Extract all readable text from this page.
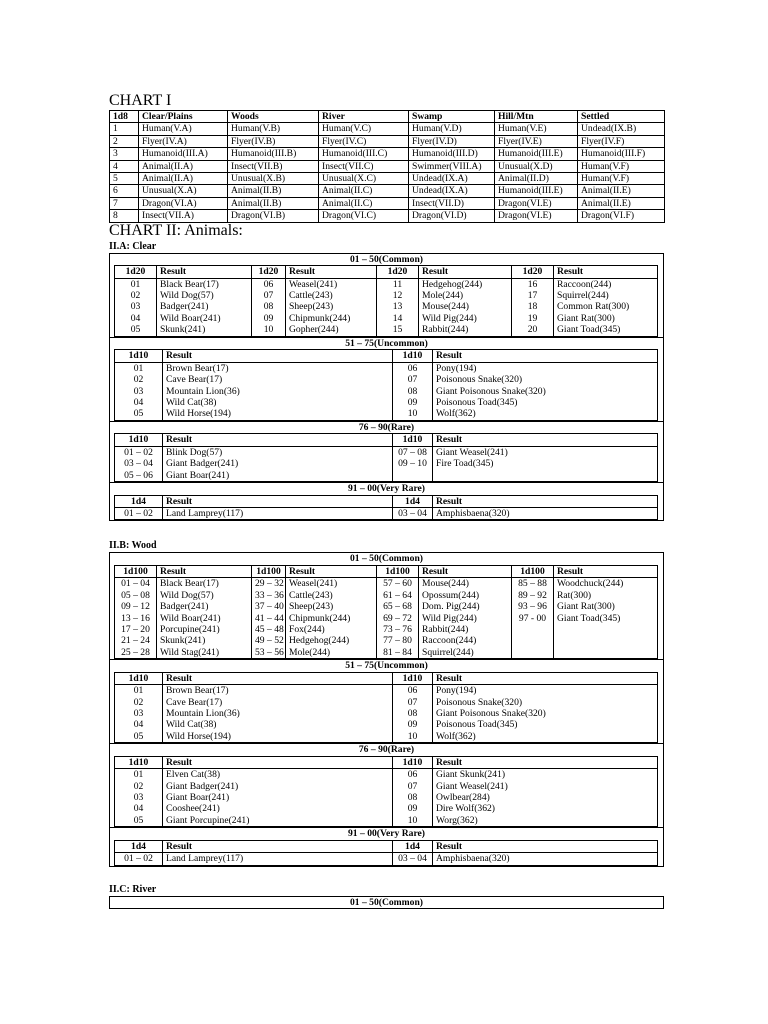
CHART I
1d8	Clear/Plains	Woods	River	Swamp	Hill/Mtn	Settled
1	Human(V.A)	Human(V.B)	Human(V.C)	Human(V.D)	Human(V.E)	Undead(IX.B)
2	Flyer(IV.A)	Flyer(IV.B)	Flyer(IV.C)	Flyer(IV.D)	Flyer(IV.E)	Flyer(IV.F)
3	Humanoid(III.A)	Humanoid(III.B)	Humanoid(III.C)	Humanoid(III.D)	Humanoid(III.E)	Humanoid(III.F)
4	Animal(II.A)	Insect(VII.B)	Insect(VII.C)	Swimmer(VIII.A)	Unusual(X.D)	Human(V.F)
5	Animal(II.A)	Unusual(X.B)	Unusual(X.C)	Undead(IX.A)	Animal(II.D)	Human(V.F)
6	Unusual(X.A)	Animal(II.B)	Animal(II.C)	Undead(IX.A)	Humanoid(III.E)	Animal(II.E)
7	Dragon(VI.A)	Animal(II.B)	Animal(II.C)	Insect(VII.D)	Dragon(VI.E)	Animal(II.E)
8	Insect(VII.A)	Dragon(VI.B)	Dragon(VI.C)	Dragon(VI.D)	Dragon(VI.E)	Dragon(VI.F)
CHART II: Animals:
II.A: Clear
01 – 50(Common)
1d20	Result	1d20	Result	1d20	Result	1d20	Result
01	Black Bear(17)	06	Weasel(241)	11	Hedgehog(244)	16	Raccoon(244)
02	Wild Dog(57)	07	Cattle(243)	12	Mole(244)	17	Squirrel(244)
03	Badger(241)	08	Sheep(243)	13	Mouse(244)	18	Common Rat(300)
04	Wild Boar(241)	09	Chipmunk(244)	14	Wild Pig(244)	19	Giant Rat(300)
05	Skunk(241)	10	Gopher(244)	15	Rabbit(244)	20	Giant Toad(345)
51 – 75(Uncommon)
1d10	Result	1d10	Result
01	Brown Bear(17)	06	Pony(194)
02	Cave Bear(17)	07	Poisonous Snake(320)
03	Mountain Lion(36)	08	Giant Poisonous Snake(320)
04	Wild Cat(38)	09	Poisonous Toad(345)
05	Wild Horse(194)	10	Wolf(362)
76 – 90(Rare)
1d10	Result	1d10	Result
01 – 02	Blink Dog(57)	07 – 08	Giant Weasel(241)
03 – 04	Giant Badger(241)	09 – 10	Fire Toad(345)
05 – 06	Giant Boar(241)		
91 – 00(Very Rare)
1d4	Result	1d4	Result
01 – 02	Land Lamprey(117)	03 – 04	Amphisbaena(320)
II.B: Wood
01 – 50(Common)
1d100	Result	1d100	Result	1d100	Result	1d100	Result
01 – 04	Black Bear(17)	29 – 32	Weasel(241)	57 – 60	Mouse(244)	85 – 88	Woodchuck(244)
05 – 08	Wild Dog(57)	33 – 36	Cattle(243)	61 – 64	Opossum(244)	89 – 92	Rat(300)
09 – 12	Badger(241)	37 – 40	Sheep(243)	65 – 68	Dom. Pig(244)	93 – 96	Giant Rat(300)
13 – 16	Wild Boar(241)	41 – 44	Chipmunk(244)	69 – 72	Wild Pig(244)	97 - 00	Giant Toad(345)
17 – 20	Porcupine(241)	45 – 48	Fox(244)	73 – 76	Rabbit(244)		
21 – 24	Skunk(241)	49 – 52	Hedgehog(244)	77 – 80	Raccoon(244)		
25 – 28	Wild Stag(241)	53 – 56	Mole(244)	81 – 84	Squirrel(244)		
51 – 75(Uncommon)
1d10	Result	1d10	Result
01	Brown Bear(17)	06	Pony(194)
02	Cave Bear(17)	07	Poisonous Snake(320)
03	Mountain Lion(36)	08	Giant Poisonous Snake(320)
04	Wild Cat(38)	09	Poisonous Toad(345)
05	Wild Horse(194)	10	Wolf(362)
76 – 90(Rare)
1d10	Result	1d10	Result
01	Elven Cat(38)	06	Giant Skunk(241)
02	Giant Badger(241)	07	Giant Weasel(241)
03	Giant Boar(241)	08	Owlbear(284)
04	Cooshee(241)	09	Dire Wolf(362)
05	Giant Porcupine(241)	10	Worg(362)
91 – 00(Very Rare)
1d4	Result	1d4	Result
01 – 02	Land Lamprey(117)	03 – 04	Amphisbaena(320)
II.C: River
01 – 50(Common)
